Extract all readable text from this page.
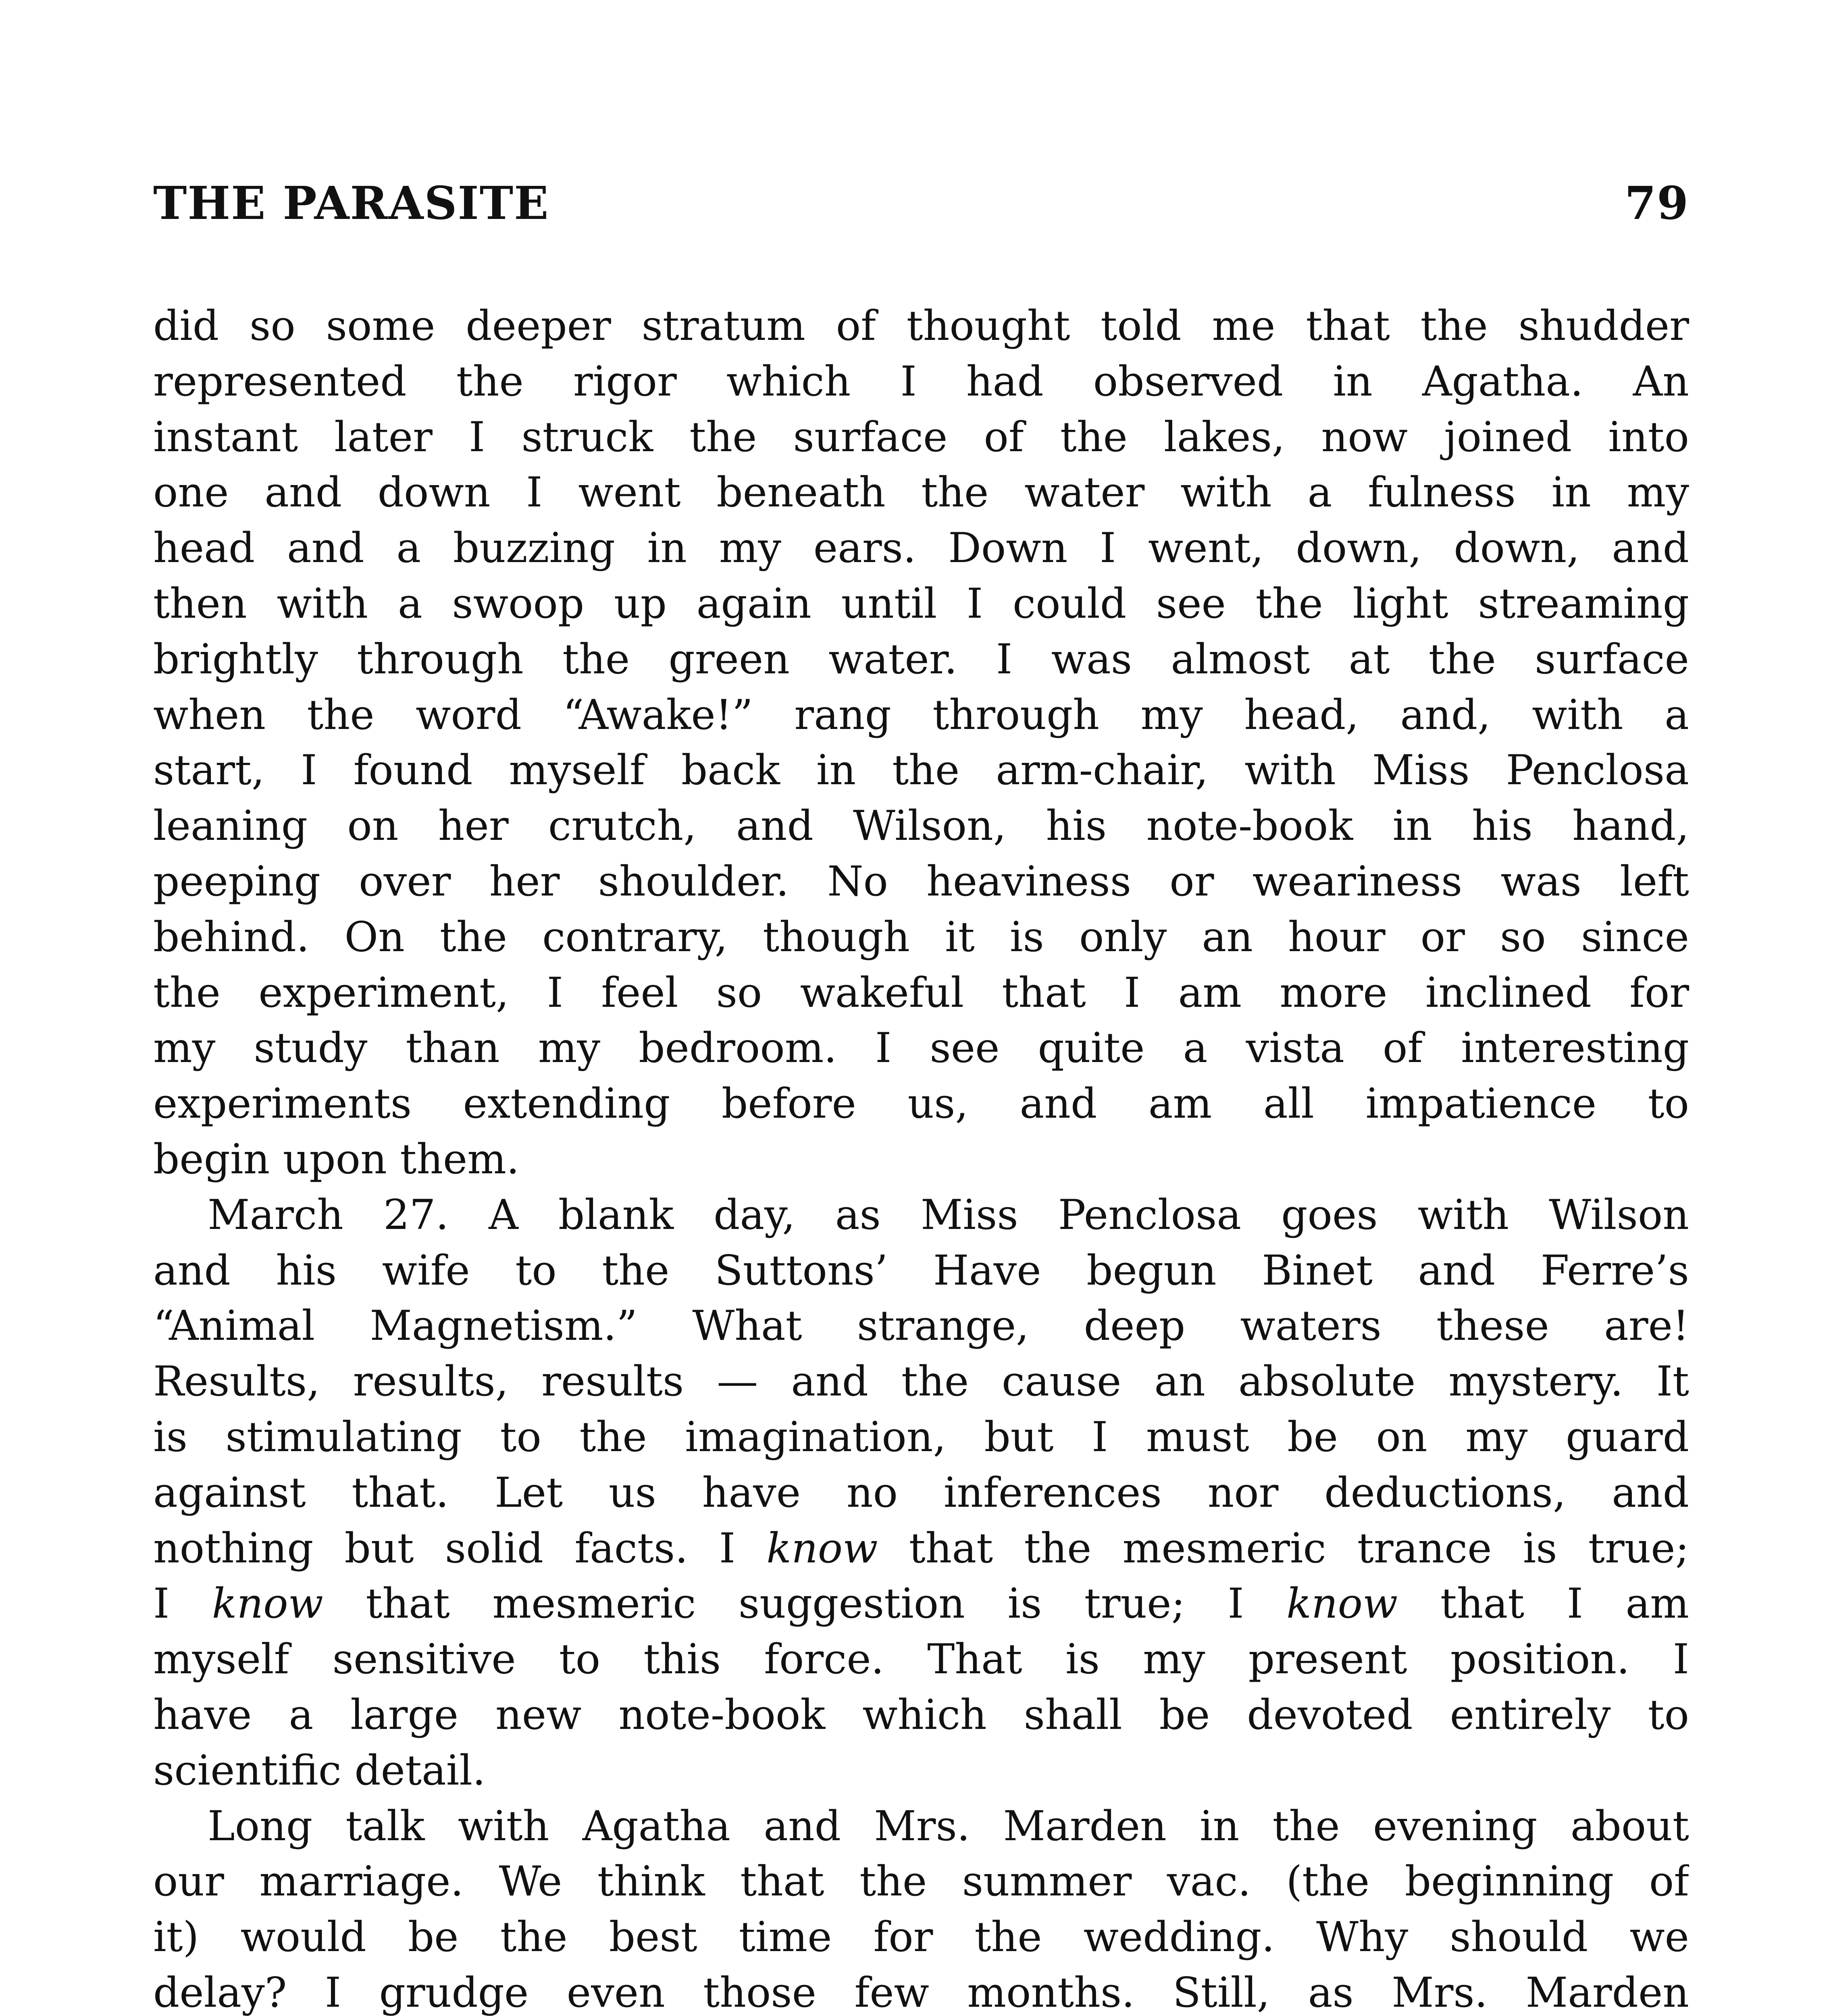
THE PARASITE	79
did so some deeper stratum of thought told me that the shudder
represented the rigor which I had observed in Agatha. An
instant later I struck the surface of the lakes, now joined into
one and down I went beneath the water with a fulness in my
head and a buzzing in my ears. Down I went, down, down, and
then with a swoop up again until I could see the light streaming
brightly through the green water. I was almost at the surface
when the word “Awake!” rang through my head, and, with a
start, I found myself back in the arm-chair, with Miss Penclosa
leaning on her crutch, and Wilson, his note-book in his hand,
peeping over her shoulder. No heaviness or weariness was left
behind. On the contrary, though it is only an hour or so since
the experiment, I feel so wakeful that I am more inclined for
my study than my bedroom. I see quite a vista of interesting
experiments extending before us, and am all impatience to
begin upon them.
March 27. A blank day, as Miss Penclosa goes with Wilson
and his wife to the Suttons’ Have begun Binet and Ferre’s
“Animal Magnetism.” What strange, deep waters these are!
Results, results, results — and the cause an absolute mystery. It
is stimulating to the imagination, but I must be on my guard
against that. Let us have no inferences nor deductions, and
nothing but solid facts. I know that the mesmeric trance is true;
I know that mesmeric suggestion is true; I know that I am
myself sensitive to this force. That is my present position. I
have a large new note-book which shall be devoted entirely to
scientific detail.
Long talk with Agatha and Mrs. Marden in the evening about
our marriage. We think that the summer vac. (the beginning of
it) would be the best time for the wedding. Why should we
delay? I grudge even those few months. Still, as Mrs. Marden
